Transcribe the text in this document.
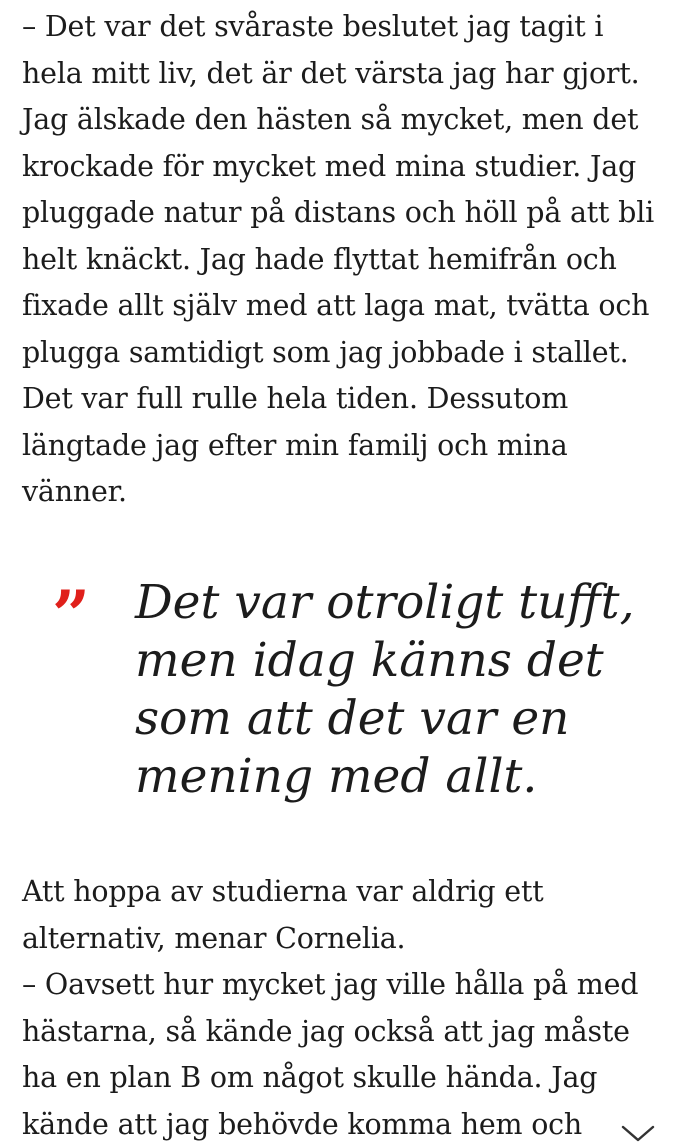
– Det var det svåraste beslutet jag tagit i
hela mitt liv, det är det värsta jag har gjort.
Jag älskade den hästen så mycket, men det
krockade för mycket med mina studier. Jag
pluggade natur på distans och höll på att bli
helt knäckt. Jag hade flyttat hemifrån och
fixade allt själv med att laga mat, tvätta och
plugga samtidigt som jag jobbade i stallet.
Det var full rulle hela tiden. Dessutom
längtade jag efter min familj och mina
vänner.

” Det var otroligt tufft,
men idag känns det
som att det var en
mening med allt.

Att hoppa av studierna var aldrig ett
alternativ, menar Cornelia.
– Oavsett hur mycket jag ville hålla på med
hästarna, så kände jag också att jag måste
ha en plan B om något skulle hända. Jag
kände att jag behövde komma hem och
